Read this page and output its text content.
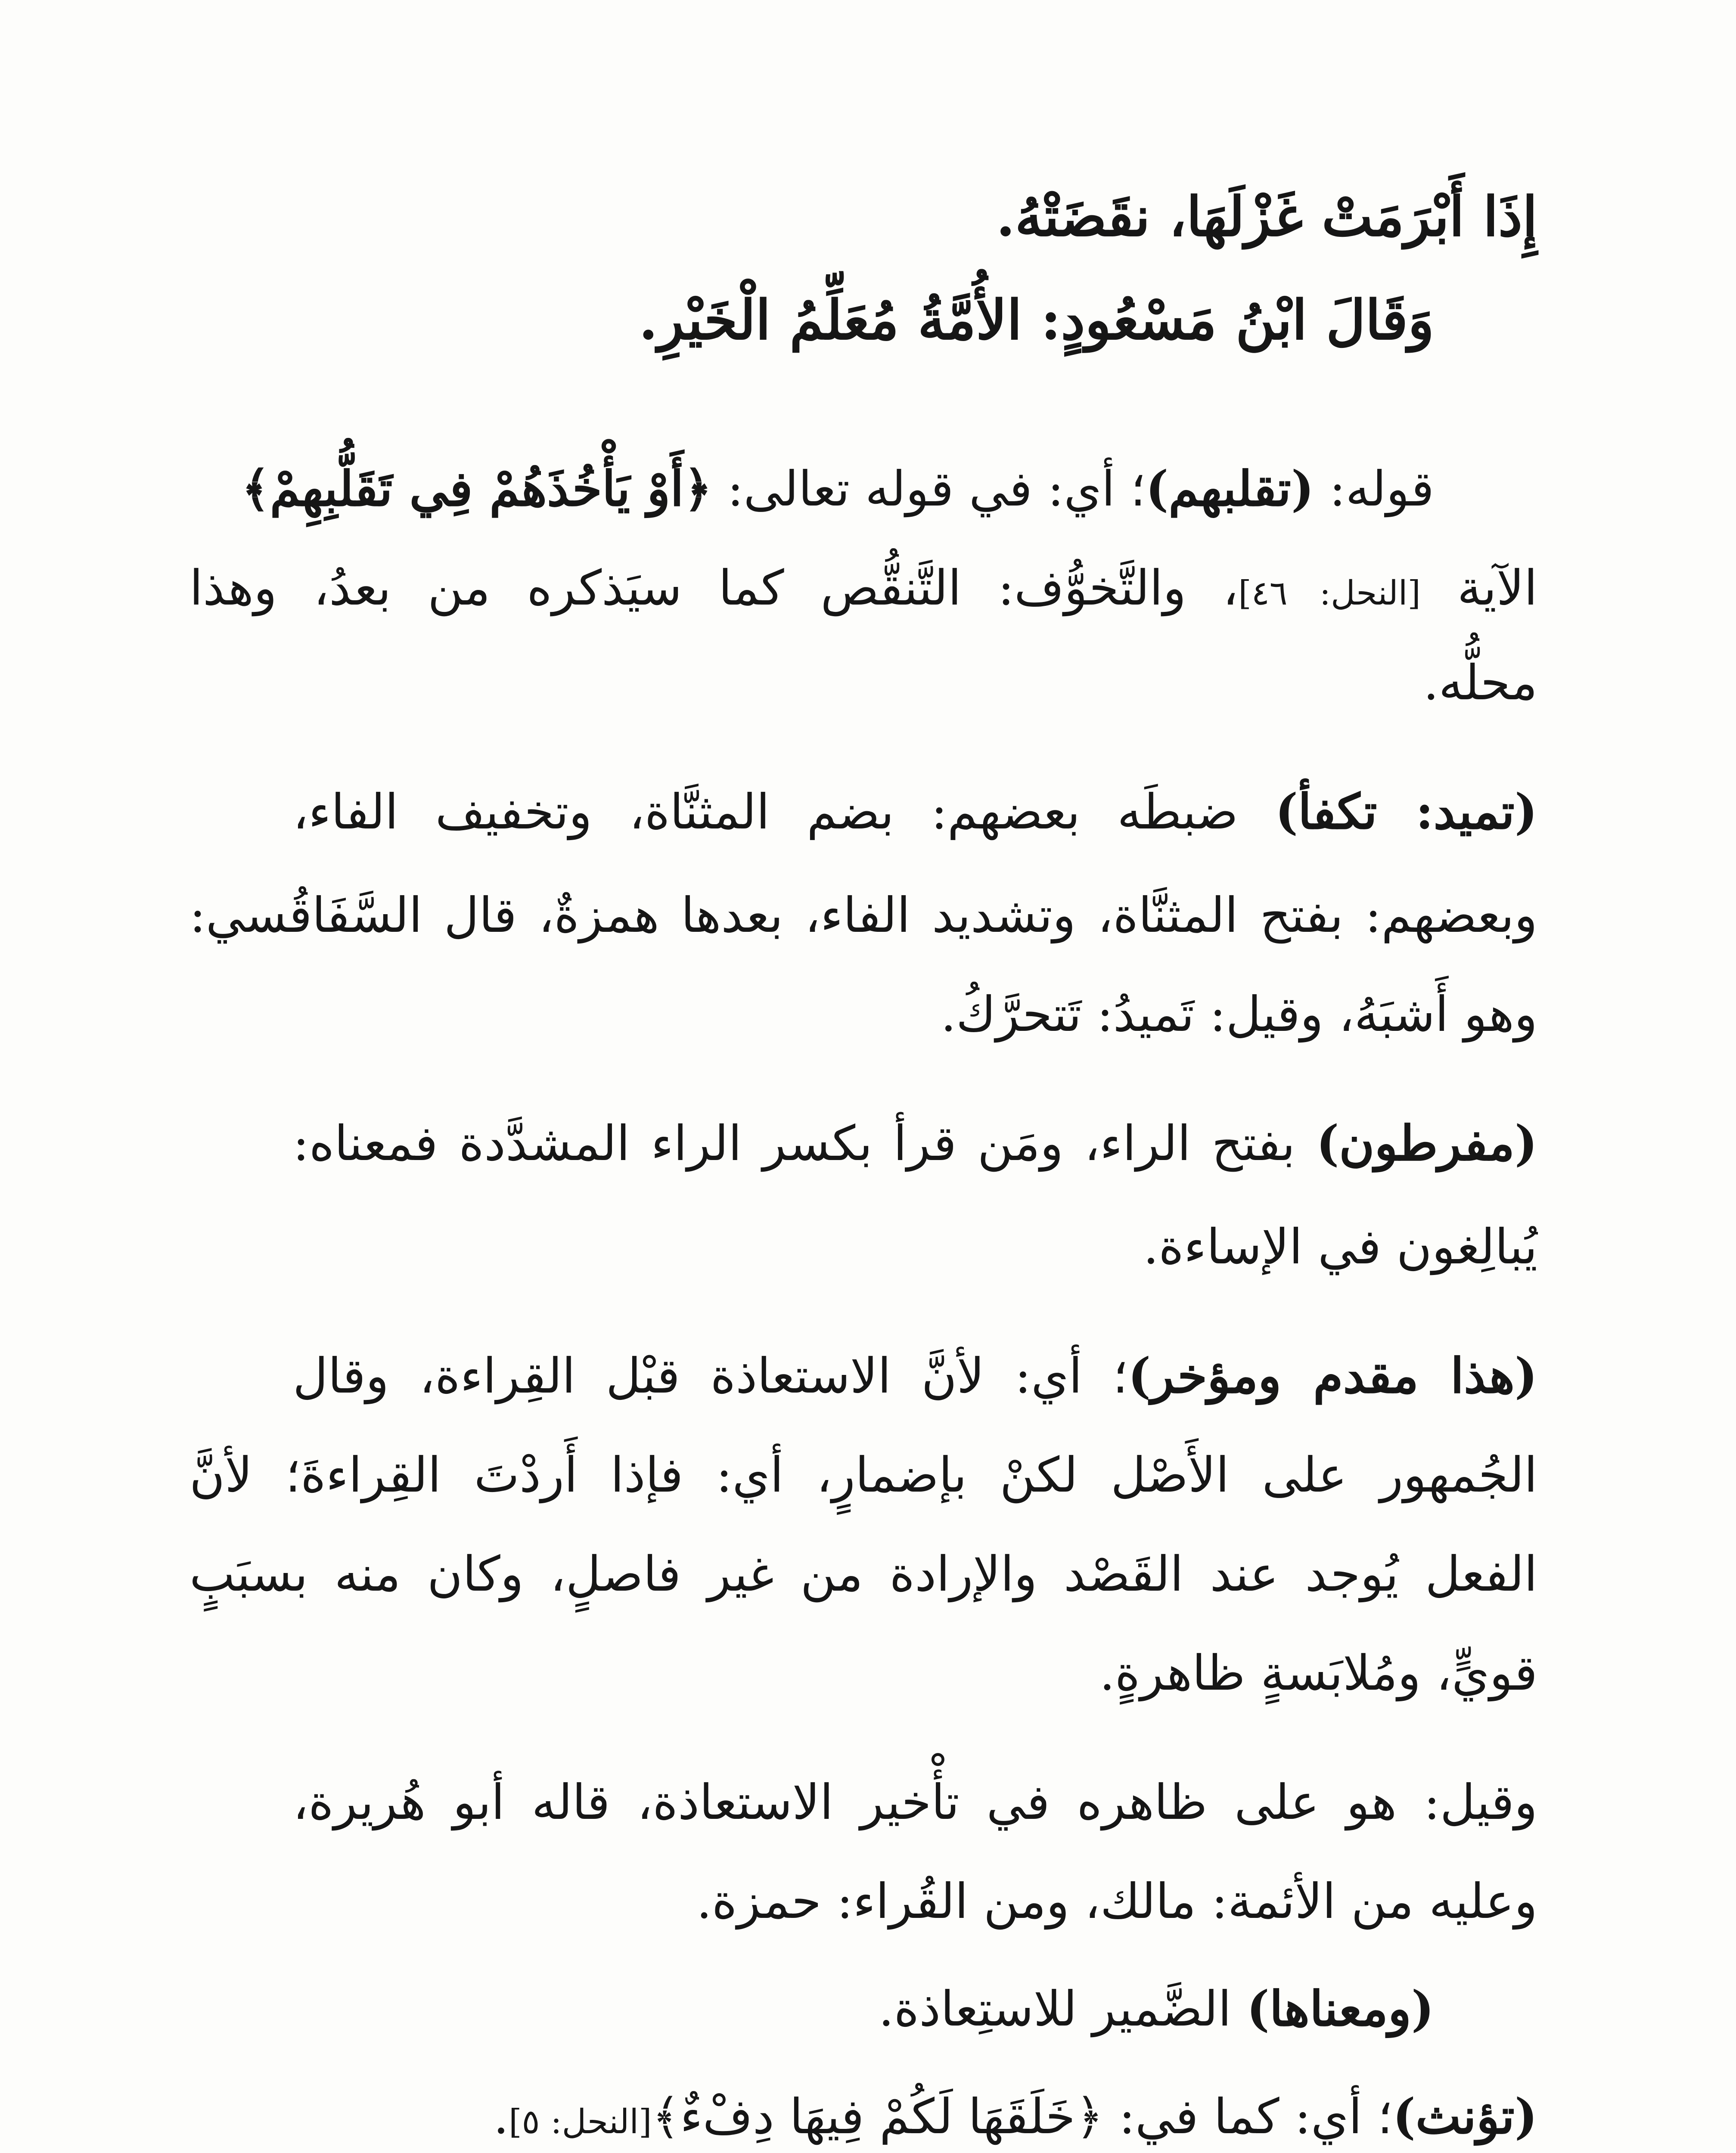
إِذَا أَبْرَمَتْ غَزْلَهَا، نقَضَتْهُ.
وَقَالَ ابْنُ مَسْعُودٍ: الأُمَّةُ مُعَلِّمُ الْخَيْرِ.
قوله: (تقلبهم)؛ أي: في قوله تعالى: ﴿أَوْ يَأْخُذَهُمْ فِي تَقَلُّبِهِمْ﴾
الآية [النحل: ٤٦]، والتَّخوُّف: التَّنقُّص كما سيَذكره من بعدُ، وهذا
محلُّه.
(تميد: تكفأ) ضبطَه بعضهم: بضم المثنَّاة، وتخفيف الفاء،
وبعضهم: بفتح المثنَّاة، وتشديد الفاء، بعدها همزةٌ، قال السَّفَاقُسي:
وهو أَشبَهُ، وقيل: تَميدُ: تَتحرَّكُ.
(مفرطون) بفتح الراء، ومَن قرأ بكسر الراء المشدَّدة فمعناه:
يُبالِغون في الإساءة.
(هذا مقدم ومؤخر)؛ أي: لأنَّ الاستعاذة قبْل القِراءة، وقال
الجُمهور على الأَصْل لكنْ بإضمارٍ، أي: فإذا أَردْتَ القِراءةَ؛ لأنَّ
الفعل يُوجد عند القَصْد والإرادة من غير فاصلٍ، وكان منه بسبَبٍ
قويٍّ، ومُلابَسةٍ ظاهرةٍ.
وقيل: هو على ظاهره في تأْخير الاستعاذة، قاله أبو هُريرة،
وعليه من الأئمة: مالك، ومن القُراء: حمزة.
(ومعناها) الضَّمير للاستِعاذة.
(تؤنث)؛ أي: كما في: ﴿خَلَقَهَا لَكُمْ فِيهَا دِفْءٌ﴾[النحل: ٥].
